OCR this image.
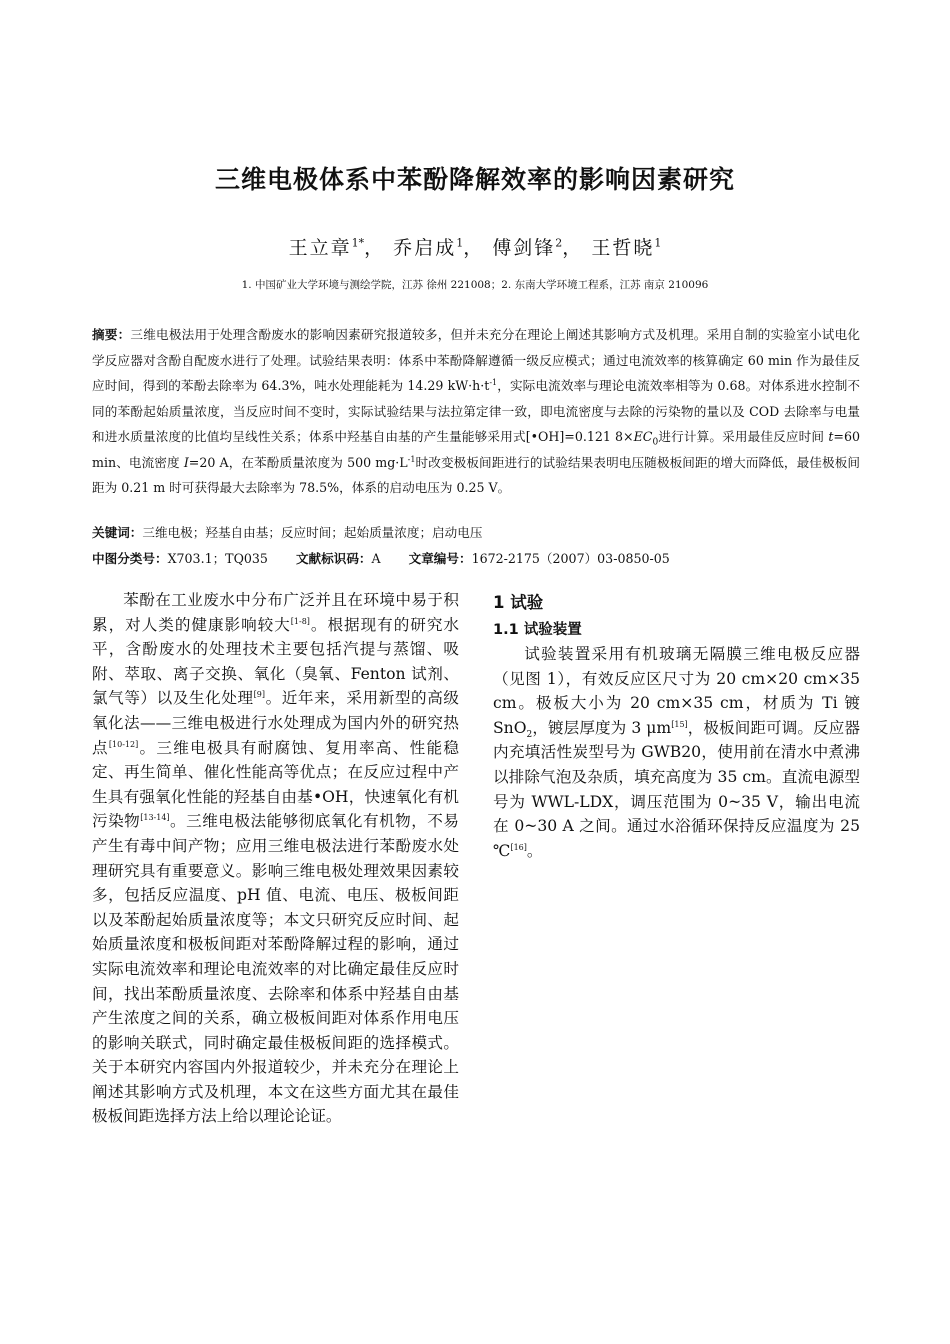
三维电极体系中苯酚降解效率的影响因素研究
王立章$^{1*}$， 乔启成$^1$， 傅剑锋$^2$， 王哲晓$^1$
1. 中国矿业大学环境与测绘学院，江苏 徐州 221008；2. 东南大学环境工程系，江苏 南京 210096
摘要：三维电极法用于处理含酚废水的影响因素研究报道较多，但并未充分在理论上阐述其影响方式及机理。采用自制的实验室小试电化学反应器对含酚自配废水进行了处理。试验结果表明：体系中苯酚降解遵循一级反应模式；通过电流效率的核算确定 60 min 作为最佳反应时间，得到的苯酚去除率为 64.3%，吨水处理能耗为 14.29 $kW\cdot h\cdot t^{-1}$，实际电流效率与理论电流效率相等为 0.68。对体系进水控制不同的苯酚起始质量浓度，当反应时间不变时，实际试验结果与法拉第定律一致，即电流密度与去除的污染物的量以及 COD 去除率与电量和进水质量浓度的比值均呈线性关系；体系中羟基自由基的产生量能够采用式[•OH]=0.121 $8\times EC_0$进行计算。采用最佳反应时间 t=60 min、电流密度 I=20 A，在苯酚质量浓度为 500 $mg\cdot L^{-1}$时改变极板间距进行的试验结果表明电压随极板间距的增大而降低，最佳极板间距为 0.21 m 时可获得最大去除率为 78.5%，体系的启动电压为 0.25 V。
关键词：三维电极；羟基自由基；反应时间；起始质量浓度；启动电压
中图分类号：X703.1；TQ035 文献标识码：A 文章编号：1672-2175（2007）03-0850-05

苯酚在工业废水中分布广泛并且在环境中易于积累，对人类的健康影响较大[1-8]。根据现有的研究水平，含酚废水的处理技术主要包括汽提与蒸馏、吸附、萃取、离子交换、氧化（臭氧、Fenton 试剂、氯气等）以及生化处理[9]。近年来，采用新型的高级氧化法——三维电极进行水处理成为国内外的研究热点[10-12]。三维电极具有耐腐蚀、复用率高、性能稳定、再生简单、催化性能高等优点；在反应过程中产生具有强氧化性能的羟基自由基•OH，快速氧化有机污染物[13-14]。三维电极法能够彻底氧化有机物，不易产生有毒中间产物；应用三维电极法进行苯酚废水处理研究具有重要意义。影响三维电极处理效果因素较多，包括反应温度、pH 值、电流、电压、极板间距以及苯酚起始质量浓度等；本文只研究反应时间、起始质量浓度和极板间距对苯酚降解过程的影响，通过实际电流效率和理论电流效率的对比确定最佳反应时间，找出苯酚质量浓度、去除率和体系中羟基自由基产生浓度之间的关系，确立极板间距对体系作用电压的影响关联式，同时确定最佳极板间距的选择模式。关于本研究内容国内外报道较少，并未充分在理论上阐述其影响方式及机理，本文在这些方面尤其在最佳极板间距选择方法上给以理论论证。

1 试验
1.1 试验装置

试验装置采用有机玻璃无隔膜三维电极反应器（见图 1），有效反应区尺寸为 20 cm×20 cm×35 cm。极板大小为 20 cm×35 cm，材质为 Ti 镀 SnO$_2$，镀层厚度为 3 μm[15]，极板间距可调。反应器内充填活性炭型号为 GWB20，使用前在清水中煮沸以排除气泡及杂质，填充高度为 35 cm。直流电源型号为 WWL-LDX，调压范围为 0~35 V，输出电流在 0~30 A 之间。通过水浴循环保持反应温度为 25 ℃[16]。
